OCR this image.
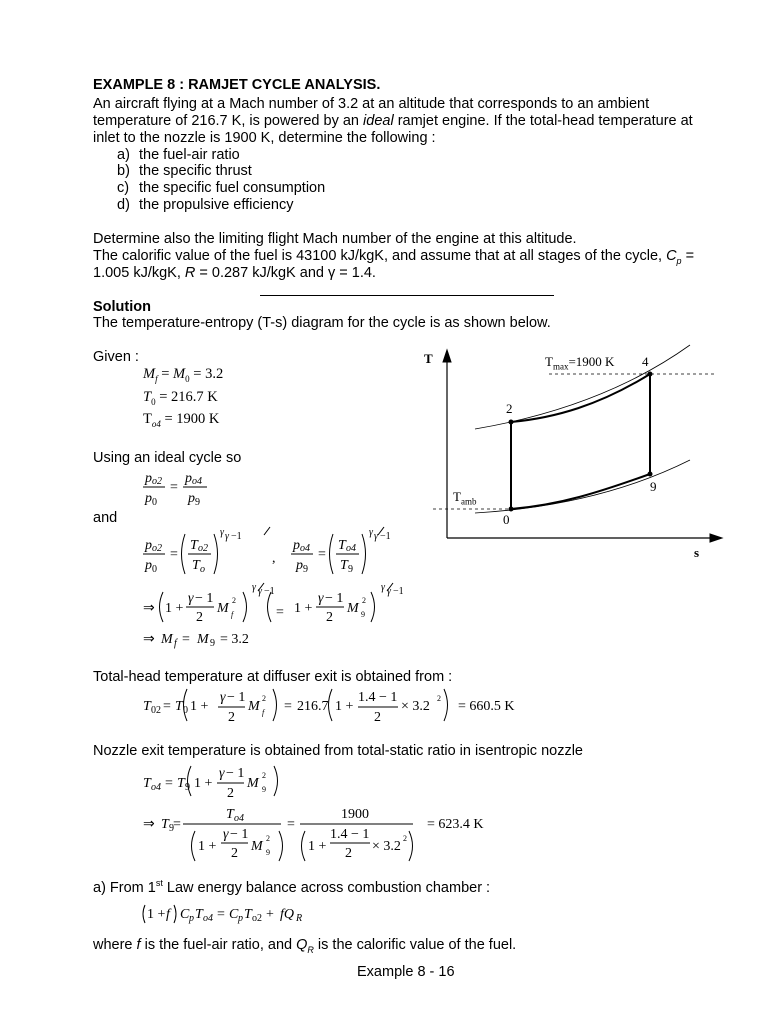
EXAMPLE 8 : RAMJET CYCLE ANALYSIS.
An aircraft flying at a Mach number of 3.2 at an altitude that corresponds to an ambient
temperature of 216.7 K, is powered by an ideal ramjet engine. If the total-head temperature at
inlet to the nozzle is 1900 K, determine the following :
a) the fuel-air ratio
b) the specific thrust
c) the specific fuel consumption
d) the propulsive efficiency
Determine also the limiting flight Mach number of the engine at this altitude.
The calorific value of the fuel is 43100 kJ/kgK, and assume that at all stages of the cycle, $C_p$ =
1.005 kJ/kgK, R = 0.287 kJ/kgK and γ = 1.4.
Solution
The temperature-entropy (T-s) diagram for the cycle is as shown below.
Given :
$M_f = M_0 = 3.2$
$T_0 = 216.7$ K
$T_{o4} = 1900$ K
Using an ideal cycle so
and
Total-head temperature at diffuser exit is obtained from :
Nozzle exit temperature is obtained from total-static ratio in isentropic nozzle
a) From 1st Law energy balance across combustion chamber :
where f is the fuel-air ratio, and $Q_R$ is the calorific value of the fuel.
Example 8 - 16
p o2
p 0
=
p o4
p 9
p o2
p 0
=
T o2
T o
γ γ −1
,
p o4
p 9
=
T o4
T 9
γ γ −1
⇒ 1 +
γ − 1
2
M
2
f
γ γ −1
= 1 +
γ − 1
2
M
2
9
γ γ −1
⇒ M f = M 9 = 3.2
T 02 = T 0 1 +
γ − 1
2
M
2
f = 216.7 1 +
1.4 − 1
2
× 3.2
2
= 660.5 K
T o4 = T 9 1 +
γ − 1
2
M
2
9
⇒ T 9 =
T o4
1 +
γ − 1
2 M
2
9
=
1900
1 +
1.4 − 1
2 × 3.2
2
= 623.4 K
1 + f C p T o4 = C p T o2 + fQ R
T
s
$T_{max}=1900$ K 4
2
9
0
$T_{amb}$
